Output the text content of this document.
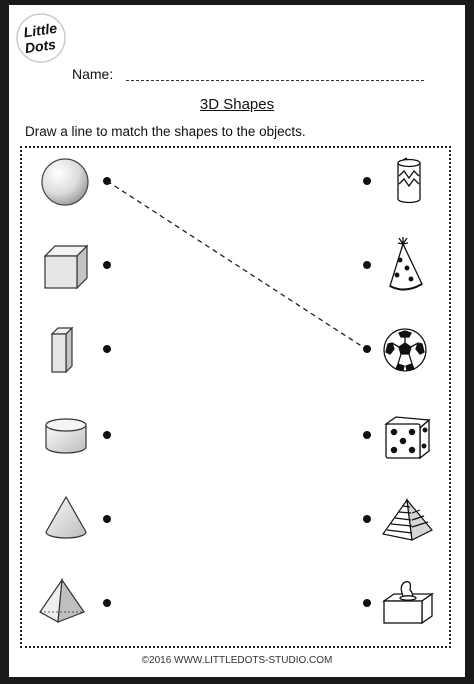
Little
Dots
Name:
3D Shapes
Draw a line to match the shapes to the objects.
©2016 WWW.LITTLEDOTS-STUDIO.COM
